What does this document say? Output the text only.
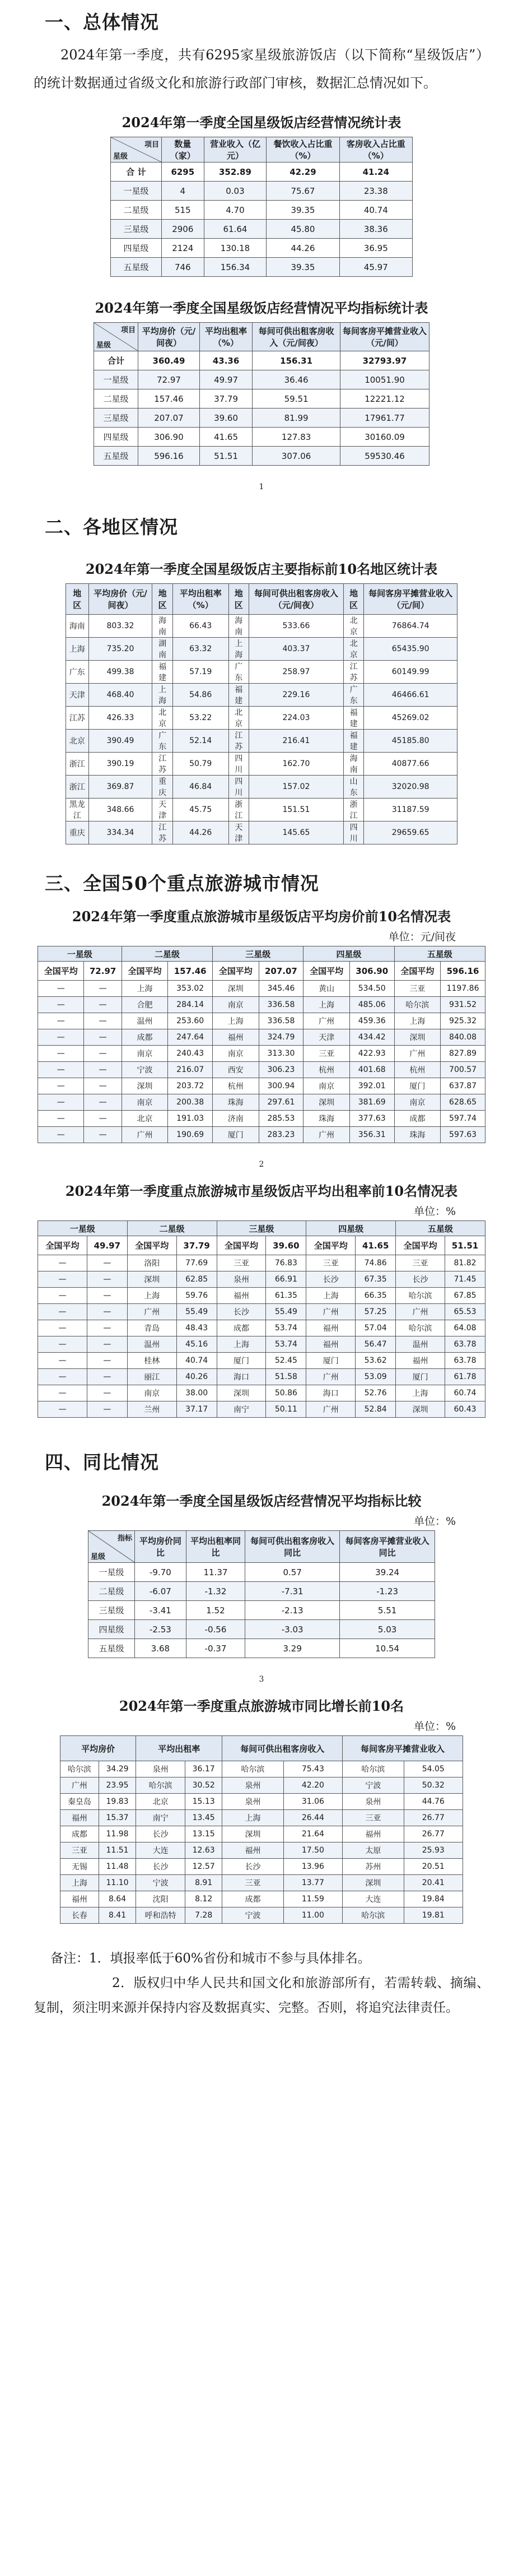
一、总体情况

2024年第一季度，共有6295家星级旅游饭店（以下简称“星级饭店”）的统计数据通过省级文化和旅游行政部门审核，数据汇总情况如下。

2024年第一季度全国星级饭店经营情况统计表
项目
星级	数量（家）	营业收入（亿元）	餐饮收入占比重（%）	客房收入占比重（%）
合 计	6295	352.89	42.29	41.24
一星级	4	0.03	75.67	23.38
二星级	515	4.70	39.35	40.74
三星级	2906	61.64	45.80	38.36
四星级	2124	130.18	44.26	36.95
五星级	746	156.34	39.35	45.97
2024年第一季度全国星级饭店经营情况平均指标统计表
项目
星级	平均房价（元/间夜）	平均出租率（%）	每间可供出租客房收入（元/间夜）	每间客房平摊营业收入（元/间）
合计	360.49	43.36	156.31	32793.97
一星级	72.97	49.97	36.46	10051.90
二星级	157.46	37.79	59.51	12221.12
三星级	207.07	39.60	81.99	17961.77
四星级	306.90	41.65	127.83	30160.09
五星级	596.16	51.51	307.06	59530.46
1
二、各地区情况
2024年第一季度全国星级饭店主要指标前10名地区统计表
地 区	平均房价（元/间夜）	地 区	平均出租率（%）	地 区	每间可供出租客房收入（元/间夜）	地 区	每间客房平摊营业收入（元/间）
海南	803.32	海南	66.43	海南	533.66	北京	76864.74
上海	735.20	湖南	63.32	上海	403.37	北京	65435.90
广东	499.38	福建	57.19	广东	258.97	江苏	60149.99
天津	468.40	上海	54.86	福建	229.16	广东	46466.61
江苏	426.33	北京	53.22	北京	224.03	福建	45269.02
北京	390.49	广东	52.14	江苏	216.41	福建	45185.80
浙江	390.19	江苏	50.79	四川	162.70	海南	40877.66
浙江	369.87	重庆	46.84	四川	157.02	山东	32020.98
黑龙江	348.66	天津	45.75	浙江	151.51	浙江	31187.59
重庆	334.34	江苏	44.26	天津	145.65	四川	29659.65
三、全国50个重点旅游城市情况
2024年第一季度重点旅游城市星级饭店平均房价前10名情况表
单位：元/间夜
一星级		二星级		三星级		四星级		五星级	
全国平均	72.97	全国平均	157.46	全国平均	207.07	全国平均	306.90	全国平均	596.16
—	—	上海	353.02	深圳	345.46	黄山	534.50	三亚	1197.86
—	—	合肥	284.14	南京	336.58	上海	485.06	哈尔滨	931.52
—	—	温州	253.60	上海	336.58	广州	459.36	上海	925.32
—	—	成都	247.64	福州	324.79	天津	434.42	深圳	840.08
—	—	南京	240.43	南京	313.30	三亚	422.93	广州	827.89
—	—	宁波	216.07	西安	306.23	杭州	401.68	杭州	700.57
—	—	深圳	203.72	杭州	300.94	南京	392.01	厦门	637.87
—	—	南京	200.38	珠海	297.61	深圳	381.69	南京	628.65
—	—	北京	191.03	济南	285.53	珠海	377.63	成都	597.74
—	—	广州	190.69	厦门	283.23	广州	356.31	珠海	597.63
2
2024年第一季度重点旅游城市星级饭店平均出租率前10名情况表
单位：%
一星级		二星级		三星级		四星级		五星级	
全国平均	49.97	全国平均	37.79	全国平均	39.60	全国平均	41.65	全国平均	51.51
—	—	洛阳	77.69	三亚	76.83	三亚	74.86	三亚	81.82
—	—	深圳	62.85	泉州	66.91	长沙	67.35	长沙	71.45
—	—	上海	59.76	福州	61.35	上海	66.35	哈尔滨	67.85
—	—	广州	55.49	长沙	55.49	广州	57.25	广州	65.53
—	—	青岛	48.43	成都	53.74	福州	57.04	哈尔滨	64.08
—	—	温州	45.16	上海	53.74	福州	56.47	温州	63.78
—	—	桂林	40.74	厦门	52.45	厦门	53.62	福州	63.78
—	—	丽江	40.26	海口	51.58	广州	53.09	厦门	61.78
—	—	南京	38.00	深圳	50.86	海口	52.76	上海	60.74
—	—	兰州	37.17	南宁	50.11	广州	52.84	深圳	60.43
四、同比情况
2024年第一季度全国星级饭店经营情况平均指标比较
单位：%
指标
星级	平均房价同比	平均出租率同比	每间可供出租客房收入同比	每间客房平摊营业收入同比
一星级	-9.70	11.37	0.57	39.24
二星级	-6.07	-1.32	-7.31	-1.23
三星级	-3.41	1.52	-2.13	5.51
四星级	-2.53	-0.56	-3.03	5.03
五星级	3.68	-0.37	3.29	10.54
3
2024年第一季度重点旅游城市同比增长前10名
单位：%
平均房价		平均出租率		每间可供出租客房收入		每间客房平摊营业收入	
哈尔滨	34.29	泉州	36.17	哈尔滨	75.43	哈尔滨	54.05
广州	23.95	哈尔滨	30.52	泉州	42.20	宁波	50.32
秦皇岛	19.83	北京	15.13	泉州	31.06	泉州	44.76
福州	15.37	南宁	13.45	上海	26.44	三亚	26.77
成都	11.98	长沙	13.15	深圳	21.64	福州	26.77
三亚	11.51	大连	12.63	福州	17.50	太原	25.93
无锡	11.48	长沙	12.57	长沙	13.96	苏州	20.51
上海	11.10	宁波	8.91	三亚	13.77	深圳	20.41
福州	8.64	沈阳	8.12	成都	11.59	大连	19.84
长春	8.41	呼和浩特	7.28	宁波	11.00	哈尔滨	19.81

备注：1．填报率低于60%省份和城市不参与具体排名。

2．版权归中华人民共和国文化和旅游部所有，若需转载、摘编、复制，须注明来源并保持内容及数据真实、完整。否则，将追究法律责任。
